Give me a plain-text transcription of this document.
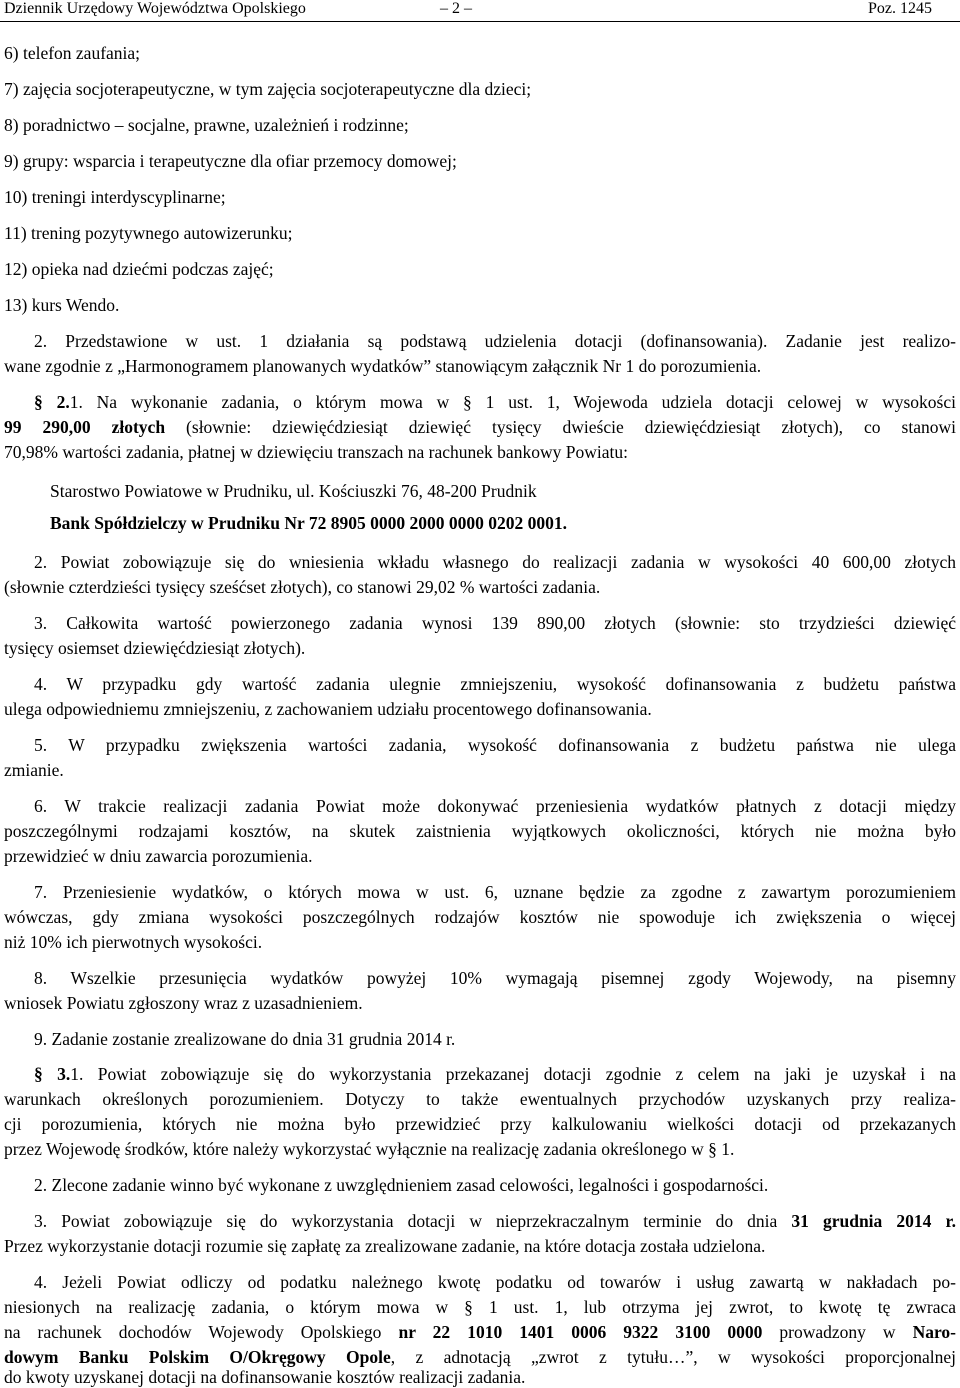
Dziennik Urzędowy Województwa Opolskiego	– 2 –	Poz. 1245
6) telefon zaufania;
7) zajęcia socjoterapeutyczne, w tym zajęcia socjoterapeutyczne dla dzieci;
8) poradnictwo – socjalne, prawne, uzależnień i rodzinne;
9) grupy: wsparcia i terapeutyczne dla ofiar przemocy domowej;
10) treningi interdyscyplinarne;
11) trening pozytywnego autowizerunku;
12) opieka nad dziećmi podczas zajęć;
13) kurs Wendo.
2. Przedstawione w ust. 1 działania są podstawą udzielenia dotacji (dofinansowania). Zadanie jest realizo-
wane zgodnie z „Harmonogramem planowanych wydatków” stanowiącym załącznik Nr 1 do porozumienia.
§ 2.1. Na wykonanie zadania, o którym mowa w § 1 ust. 1, Wojewoda udziela dotacji celowej w wysokości
99 290,00 złotych (słownie: dziewięćdziesiąt dziewięć tysięcy dwieście dziewięćdziesiąt złotych), co stanowi
70,98% wartości zadania, płatnej w dziewięciu transzach na rachunek bankowy Powiatu:
Starostwo Powiatowe w Prudniku, ul. Kościuszki 76, 48-200 Prudnik
Bank Spółdzielczy w Prudniku Nr 72 8905 0000 2000 0000 0202 0001.
2. Powiat zobowiązuje się do wniesienia wkładu własnego do realizacji zadania w wysokości 40 600,00 złotych
(słownie czterdzieści tysięcy sześćset złotych), co stanowi 29,02 % wartości zadania.
3. Całkowita wartość powierzonego zadania wynosi 139 890,00 złotych (słownie: sto trzydzieści dziewięć
tysięcy osiemset dziewięćdziesiąt złotych).
4. W przypadku gdy wartość zadania ulegnie zmniejszeniu, wysokość dofinansowania z budżetu państwa
ulega odpowiedniemu zmniejszeniu, z zachowaniem udziału procentowego dofinansowania.
5. W przypadku zwiększenia wartości zadania, wysokość dofinansowania z budżetu państwa nie ulega
zmianie.
6. W trakcie realizacji zadania Powiat może dokonywać przeniesienia wydatków płatnych z dotacji między
poszczególnymi rodzajami kosztów, na skutek zaistnienia wyjątkowych okoliczności, których nie można było
przewidzieć w dniu zawarcia porozumienia.
7. Przeniesienie wydatków, o których mowa w ust. 6, uznane będzie za zgodne z zawartym porozumieniem
wówczas, gdy zmiana wysokości poszczególnych rodzajów kosztów nie spowoduje ich zwiększenia o więcej
niż 10% ich pierwotnych wysokości.
8. Wszelkie przesunięcia wydatków powyżej 10% wymagają pisemnej zgody Wojewody, na pisemny
wniosek Powiatu zgłoszony wraz z uzasadnieniem.
9. Zadanie zostanie zrealizowane do dnia 31 grudnia 2014 r.
§ 3.1. Powiat zobowiązuje się do wykorzystania przekazanej dotacji zgodnie z celem na jaki je uzyskał i na
warunkach określonych porozumieniem. Dotyczy to także ewentualnych przychodów uzyskanych przy realiza-
cji porozumienia, których nie można było przewidzieć przy kalkulowaniu wielkości dotacji od przekazanych
przez Wojewodę środków, które należy wykorzystać wyłącznie na realizację zadania określonego w § 1.
2. Zlecone zadanie winno być wykonane z uwzględnieniem zasad celowości, legalności i gospodarności.
3. Powiat zobowiązuje się do wykorzystania dotacji w nieprzekraczalnym terminie do dnia 31 grudnia 2014 r.
Przez wykorzystanie dotacji rozumie się zapłatę za zrealizowane zadanie, na które dotacja została udzielona.
4. Jeżeli Powiat odliczy od podatku należnego kwotę podatku od towarów i usług zawartą w nakładach po-
niesionych na realizację zadania, o którym mowa w § 1 ust. 1, lub otrzyma jej zwrot, to kwotę tę zwraca
na rachunek dochodów Wojewody Opolskiego nr 22 1010 1401 0006 9322 3100 0000 prowadzony w Naro-
dowym Banku Polskim O/Okręgowy Opole, z adnotacją „zwrot z tytułu…”, w wysokości proporcjonalnej
do kwoty uzyskanej dotacji na dofinansowanie kosztów realizacji zadania.
